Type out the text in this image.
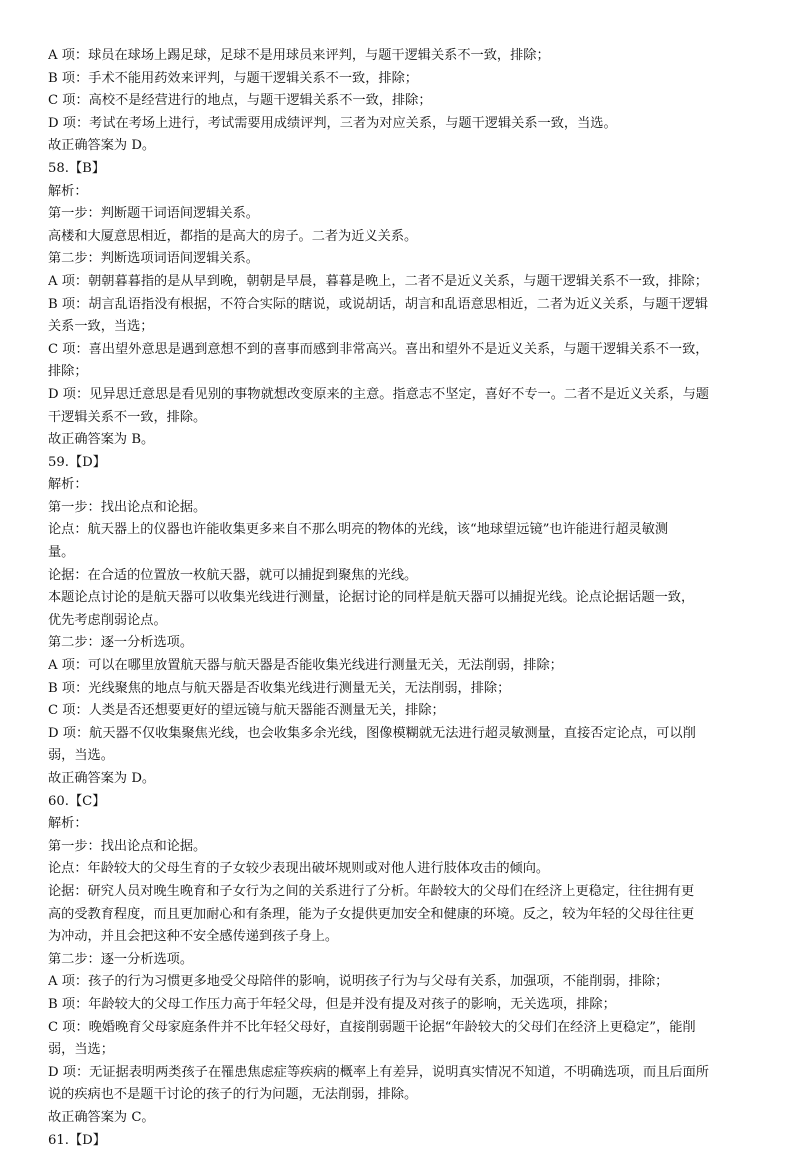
A 项：球员在球场上踢足球，足球不是用球员来评判，与题干逻辑关系不一致，排除；

B 项：手术不能用药效来评判，与题干逻辑关系不一致，排除；

C 项：高校不是经营进行的地点，与题干逻辑关系不一致，排除；

D 项：考试在考场上进行，考试需要用成绩评判，三者为对应关系，与题干逻辑关系一致，当选。

故正确答案为 D。

58.【B】

解析：

第一步：判断题干词语间逻辑关系。

高楼和大厦意思相近，都指的是高大的房子。二者为近义关系。

第二步：判断选项词语间逻辑关系。

A 项：朝朝暮暮指的是从早到晚，朝朝是早晨，暮暮是晚上，二者不是近义关系，与题干逻辑关系不一致，排除；

B 项：胡言乱语指没有根据，不符合实际的瞎说，或说胡话，胡言和乱语意思相近，二者为近义关系，与题干逻辑

关系一致，当选；

C 项：喜出望外意思是遇到意想不到的喜事而感到非常高兴。喜出和望外不是近义关系，与题干逻辑关系不一致，

排除；

D 项：见异思迁意思是看见别的事物就想改变原来的主意。指意志不坚定，喜好不专一。二者不是近义关系，与题

干逻辑关系不一致，排除。

故正确答案为 B。

59.【D】

解析：

第一步：找出论点和论据。

论点：航天器上的仪器也许能收集更多来自不那么明亮的物体的光线，该“地球望远镜”也许能进行超灵敏测

量。

论据：在合适的位置放一枚航天器，就可以捕捉到聚焦的光线。

本题论点讨论的是航天器可以收集光线进行测量，论据讨论的同样是航天器可以捕捉光线。论点论据话题一致，

优先考虑削弱论点。

第二步：逐一分析选项。

A 项：可以在哪里放置航天器与航天器是否能收集光线进行测量无关，无法削弱，排除；

B 项：光线聚焦的地点与航天器是否收集光线进行测量无关，无法削弱，排除；

C 项：人类是否还想要更好的望远镜与航天器能否测量无关，排除；

D 项：航天器不仅收集聚焦光线，也会收集多余光线，图像模糊就无法进行超灵敏测量，直接否定论点，可以削

弱，当选。

故正确答案为 D。

60.【C】

解析：

第一步：找出论点和论据。

论点：年龄较大的父母生育的子女较少表现出破坏规则或对他人进行肢体攻击的倾向。

论据：研究人员对晚生晚育和子女行为之间的关系进行了分析。年龄较大的父母们在经济上更稳定，往往拥有更

高的受教育程度，而且更加耐心和有条理，能为子女提供更加安全和健康的环境。反之，较为年轻的父母往往更

为冲动，并且会把这种不安全感传递到孩子身上。

第二步：逐一分析选项。

A 项：孩子的行为习惯更多地受父母陪伴的影响，说明孩子行为与父母有关系，加强项，不能削弱，排除；

B 项：年龄较大的父母工作压力高于年轻父母，但是并没有提及对孩子的影响，无关选项，排除；

C 项：晚婚晚育父母家庭条件并不比年轻父母好，直接削弱题干论据“年龄较大的父母们在经济上更稳定”，能削

弱，当选；

D 项：无证据表明两类孩子在罹患焦虑症等疾病的概率上有差异，说明真实情况不知道，不明确选项，而且后面所

说的疾病也不是题干讨论的孩子的行为问题，无法削弱，排除。

故正确答案为 C。

61.【D】
